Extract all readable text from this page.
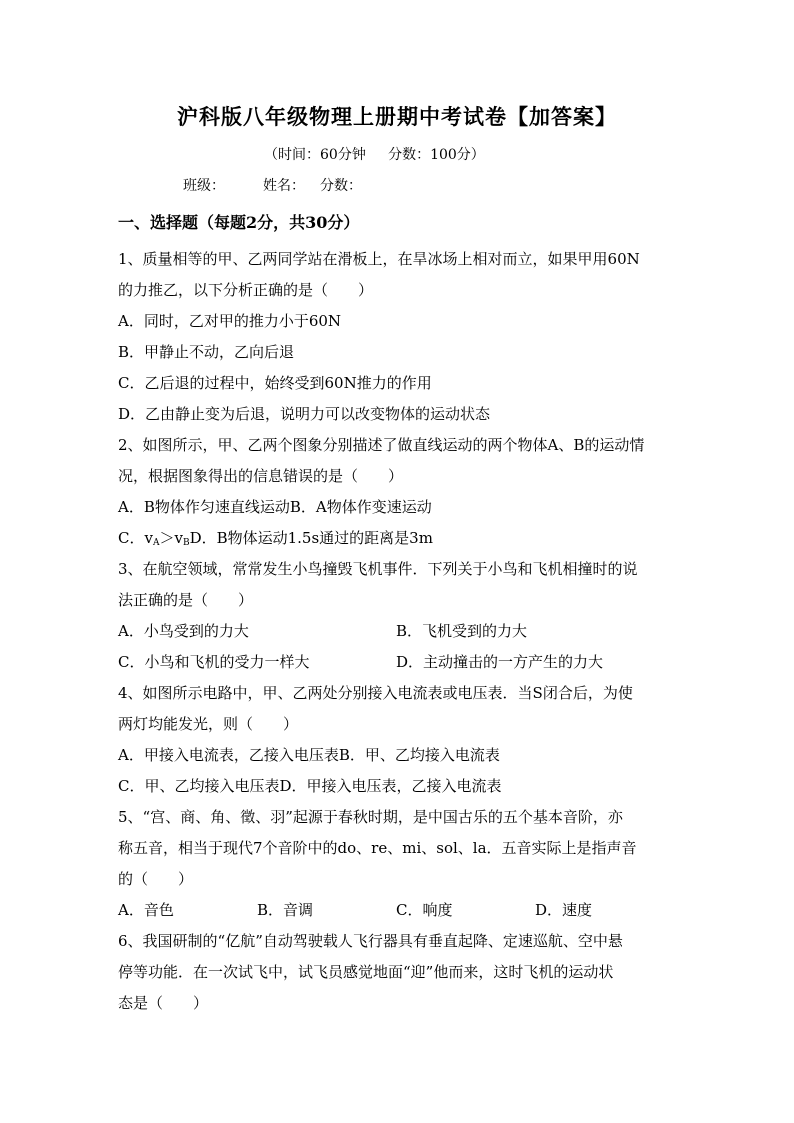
沪科版八年级物理上册期中考试卷【加答案】
（时间：60分钟     分数：100分）
班级：	姓名： 分数：
一、选择题（每题2分，共30分）
1、质量相等的甲、乙两同学站在滑板上，在旱冰场上相对而立，如果甲用60N
的力推乙，以下分析正确的是（　　）
A．同时，乙对甲的推力小于60N
B．甲静止不动，乙向后退
C．乙后退的过程中，始终受到60N推力的作用
D．乙由静止变为后退，说明力可以改变物体的运动状态
2、如图所示，甲、乙两个图象分别描述了做直线运动的两个物体A、B的运动情
况，根据图象得出的信息错误的是（　　）
A．B物体作匀速直线运动B．A物体作变速运动
C．$v_A>v_BD$．B物体运动1.5s通过的距离是3m
3、在航空领域，常常发生小鸟撞毁飞机事件．下列关于小鸟和飞机相撞时的说
法正确的是（　　）
A．小鸟受到的力大	B．飞机受到的力大
C．小鸟和飞机的受力一样大	D．主动撞击的一方产生的力大
4、如图所示电路中，甲、乙两处分别接入电流表或电压表．当S闭合后，为使
两灯均能发光，则（　　）
A．甲接入电流表，乙接入电压表B．甲、乙均接入电流表
C．甲、乙均接入电压表D．甲接入电压表，乙接入电流表
5、“宫、商、角、徵、羽”起源于春秋时期，是中国古乐的五个基本音阶，亦
称五音，相当于现代7个音阶中的do、re、mi、sol、la．五音实际上是指声音
的（　　）
A．音色	B．音调	C．响度	D．速度
6、我国研制的“亿航”自动驾驶载人飞行器具有垂直起降、定速巡航、空中悬
停等功能．在一次试飞中，试飞员感觉地面“迎”他而来，这时飞机的运动状
态是（　　）
